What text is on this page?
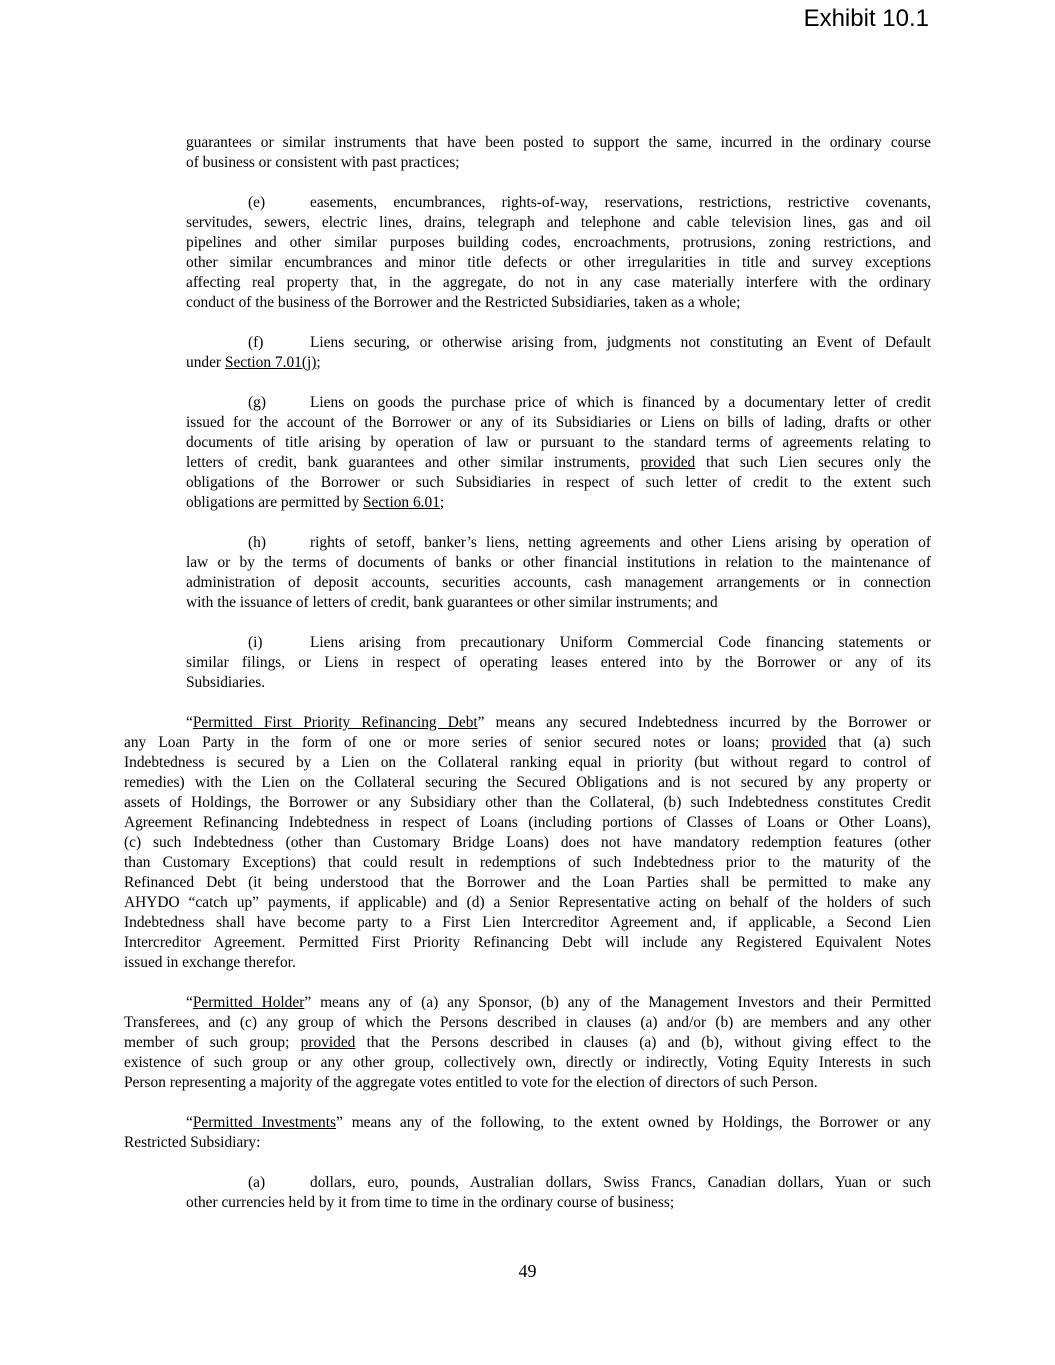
Exhibit 10.1
guarantees or similar instruments that have been posted to support the same, incurred in the ordinary course
of business or consistent with past practices;
(e)	easements, encumbrances, rights-of-way, reservations, restrictions, restrictive covenants,
servitudes, sewers, electric lines, drains, telegraph and telephone and cable television lines, gas and oil
pipelines and other similar purposes building codes, encroachments, protrusions, zoning restrictions, and
other similar encumbrances and minor title defects or other irregularities in title and survey exceptions
affecting real property that, in the aggregate, do not in any case materially interfere with the ordinary
conduct of the business of the Borrower and the Restricted Subsidiaries, taken as a whole;
(f)	Liens securing, or otherwise arising from, judgments not constituting an Event of Default
under Section 7.01(j);
(g)	Liens on goods the purchase price of which is financed by a documentary letter of credit
issued for the account of the Borrower or any of its Subsidiaries or Liens on bills of lading, drafts or other
documents of title arising by operation of law or pursuant to the standard terms of agreements relating to
letters of credit, bank guarantees and other similar instruments, provided that such Lien secures only the
obligations of the Borrower or such Subsidiaries in respect of such letter of credit to the extent such
obligations are permitted by Section 6.01;
(h)	rights of setoff, banker’s liens, netting agreements and other Liens arising by operation of
law or by the terms of documents of banks or other financial institutions in relation to the maintenance of
administration of deposit accounts, securities accounts, cash management arrangements or in connection
with the issuance of letters of credit, bank guarantees or other similar instruments; and
(i)	Liens arising from precautionary Uniform Commercial Code financing statements or
similar filings, or Liens in respect of operating leases entered into by the Borrower or any of its
Subsidiaries.
“Permitted First Priority Refinancing Debt” means any secured Indebtedness incurred by the Borrower or
any Loan Party in the form of one or more series of senior secured notes or loans; provided that (a) such
Indebtedness is secured by a Lien on the Collateral ranking equal in priority (but without regard to control of
remedies) with the Lien on the Collateral securing the Secured Obligations and is not secured by any property or
assets of Holdings, the Borrower or any Subsidiary other than the Collateral, (b) such Indebtedness constitutes Credit
Agreement Refinancing Indebtedness in respect of Loans (including portions of Classes of Loans or Other Loans),
(c) such Indebtedness (other than Customary Bridge Loans) does not have mandatory redemption features (other
than Customary Exceptions) that could result in redemptions of such Indebtedness prior to the maturity of the
Refinanced Debt (it being understood that the Borrower and the Loan Parties shall be permitted to make any
AHYDO “catch up” payments, if applicable) and (d) a Senior Representative acting on behalf of the holders of such
Indebtedness shall have become party to a First Lien Intercreditor Agreement and, if applicable, a Second Lien
Intercreditor Agreement. Permitted First Priority Refinancing Debt will include any Registered Equivalent Notes
issued in exchange therefor.
“Permitted Holder” means any of (a) any Sponsor, (b) any of the Management Investors and their Permitted
Transferees, and (c) any group of which the Persons described in clauses (a) and/or (b) are members and any other
member of such group; provided that the Persons described in clauses (a) and (b), without giving effect to the
existence of such group or any other group, collectively own, directly or indirectly, Voting Equity Interests in such
Person representing a majority of the aggregate votes entitled to vote for the election of directors of such Person.
“Permitted Investments” means any of the following, to the extent owned by Holdings, the Borrower or any
Restricted Subsidiary:
(a)	dollars, euro, pounds, Australian dollars, Swiss Francs, Canadian dollars, Yuan or such
other currencies held by it from time to time in the ordinary course of business;
49
